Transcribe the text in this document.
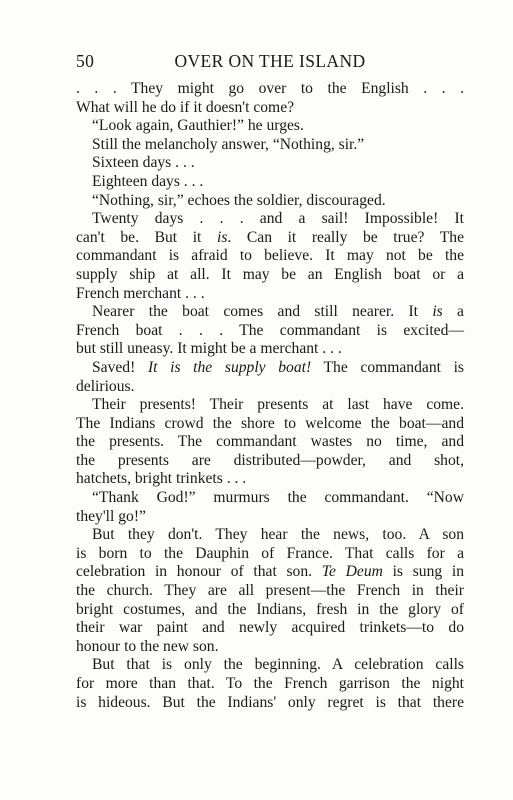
50	OVER ON THE ISLAND
. . . They might go over to the English . . .
What will he do if it doesn't come?
“Look again, Gauthier!” he urges.
Still the melancholy answer, “Nothing, sir.”
Sixteen days . . .
Eighteen days . . .
“Nothing, sir,” echoes the soldier, discouraged.
Twenty days . . . and a sail! Impossible! It
can't be. But it is. Can it really be true? The
commandant is afraid to believe. It may not be the
supply ship at all. It may be an English boat or a
French merchant . . .
Nearer the boat comes and still nearer. It is a
French boat . . . The commandant is excited—
but still uneasy. It might be a merchant . . .
Saved! It is the supply boat! The commandant is
delirious.
Their presents! Their presents at last have come.
The Indians crowd the shore to welcome the boat—and
the presents. The commandant wastes no time, and
the presents are distributed—powder, and shot,
hatchets, bright trinkets . . .
“Thank God!” murmurs the commandant. “Now
they'll go!”
But they don't. They hear the news, too. A son
is born to the Dauphin of France. That calls for a
celebration in honour of that son. Te Deum is sung in
the church. They are all present—the French in their
bright costumes, and the Indians, fresh in the glory of
their war paint and newly acquired trinkets—to do
honour to the new son.
But that is only the beginning. A celebration calls
for more than that. To the French garrison the night
is hideous. But the Indians' only regret is that there
